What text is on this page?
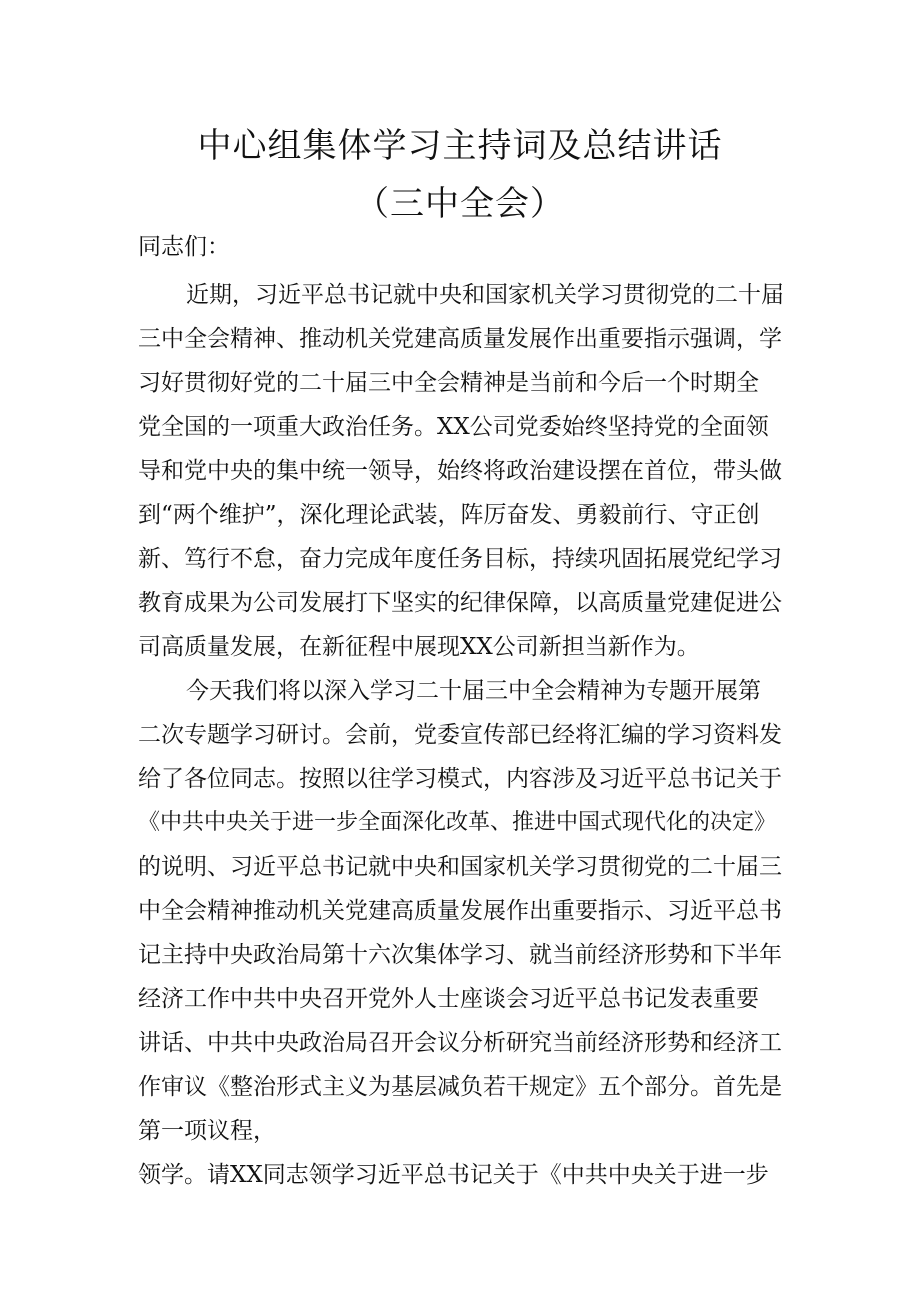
中心组集体学习主持词及总结讲话
（三中全会）
同志们：
近期，习近平总书记就中央和国家机关学习贯彻党的二十届
三中全会精神、推动机关党建高质量发展作出重要指示强调，学
习好贯彻好党的二十届三中全会精神是当前和今后一个时期全
党全国的一项重大政治任务。XX公司党委始终坚持党的全面领
导和党中央的集中统一领导，始终将政治建设摆在首位，带头做
到“两个维护”，深化理论武装，阵厉奋发、勇毅前行、守正创
新、笃行不怠，奋力完成年度任务目标，持续巩固拓展党纪学习
教育成果为公司发展打下坚实的纪律保障，以高质量党建促进公
司高质量发展，在新征程中展现XX公司新担当新作为。
今天我们将以深入学习二十届三中全会精神为专题开展第
二次专题学习研讨。会前，党委宣传部已经将汇编的学习资料发
给了各位同志。按照以往学习模式，内容涉及习近平总书记关于
《中共中央关于进一步全面深化改革、推进中国式现代化的决定》
的说明、习近平总书记就中央和国家机关学习贯彻党的二十届三
中全会精神推动机关党建高质量发展作出重要指示、习近平总书
记主持中央政治局第十六次集体学习、就当前经济形势和下半年
经济工作中共中央召开党外人士座谈会习近平总书记发表重要
讲话、中共中央政治局召开会议分析研究当前经济形势和经济工
作审议《整治形式主义为基层减负若干规定》五个部分。首先是
第一项议程，
领学。请XX同志领学习近平总书记关于《中共中央关于进一步
